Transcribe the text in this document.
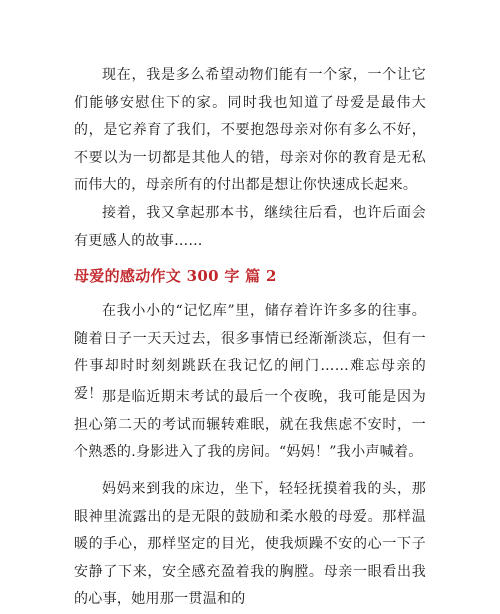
现在，我是多么希望动物们能有一个家，一个让它们能够安慰住下的家。同时我也知道了母爱是最伟大的，是它养育了我们，不要抱怨母亲对你有多么不好，不要以为一切都是其他人的错，母亲对你的教育是无私而伟大的，母亲所有的付出都是想让你快速成长起来。

接着，我又拿起那本书，继续往后看，也许后面会有更感人的故事……

母爱的感动作文 300 字 篇 2

在我小小的“记忆库”里，储存着许许多多的往事。随着日子一天天过去，很多事情已经渐渐淡忘，但有一件事却时时刻刻跳跃在我记忆的闸门……难忘母亲的爱！ 那是临近期末考试的最后一个夜晚，我可能是因为担心第二天的考试而辗转难眠，就在我焦虑不安时，一个熟悉的.身影进入了我的房间。“妈妈！”我小声喊着。

妈妈来到我的床边，坐下，轻轻抚摸着我的头，那眼神里流露出的是无限的鼓励和柔水般的母爱。那样温暖的手心，那样坚定的目光，使我烦躁不安的心一下子安静了下来，安全感充盈着我的胸膛。母亲一眼看出我的心事，她用那一贯温和的
